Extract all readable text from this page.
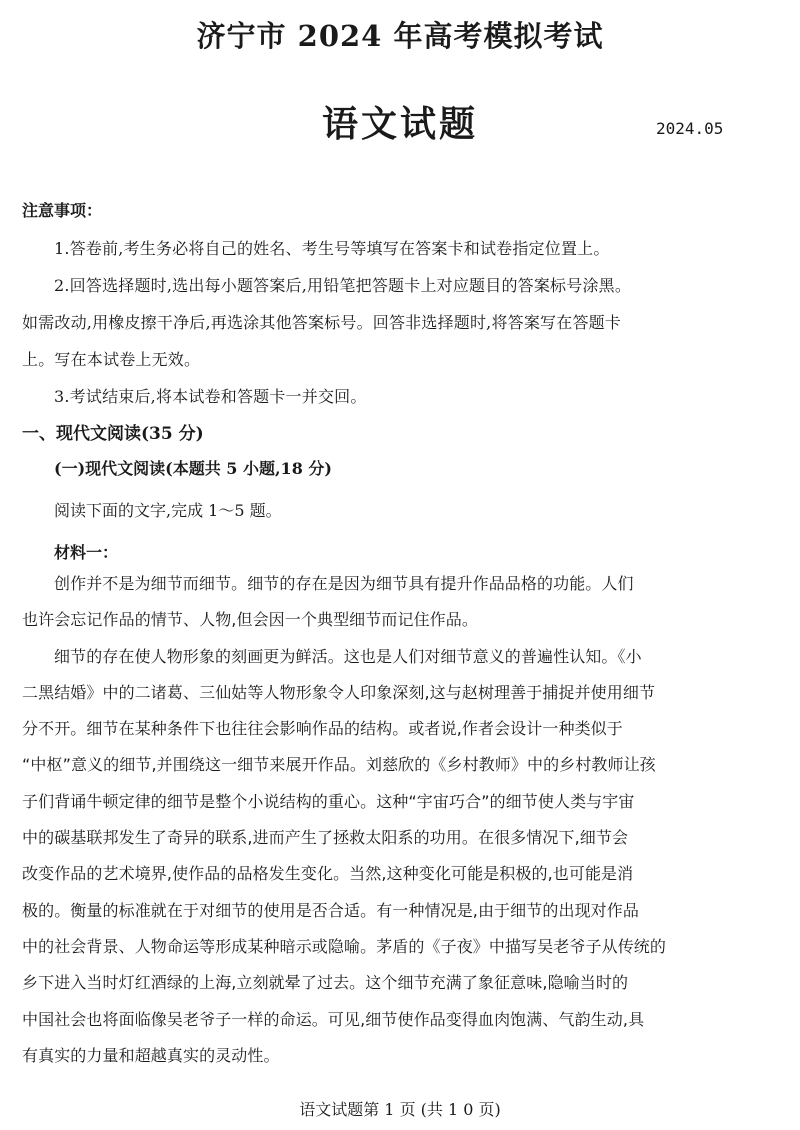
济宁市 2024 年高考模拟考试
语文试题	2024.05
注意事项：
1.答卷前,考生务必将自己的姓名、考生号等填写在答案卡和试卷指定位置上。
2.回答选择题时,选出每小题答案后,用铅笔把答题卡上对应题目的答案标号涂黑。
如需改动,用橡皮擦干净后,再选涂其他答案标号。回答非选择题时,将答案写在答题卡
上。写在本试卷上无效。
3.考试结束后,将本试卷和答题卡一并交回。
一、现代文阅读(35 分)
(一)现代文阅读(本题共 5 小题,18 分)
阅读下面的文字,完成 1～5 题。
材料一：
创作并不是为细节而细节。细节的存在是因为细节具有提升作品品格的功能。人们
也许会忘记作品的情节、人物,但会因一个典型细节而记住作品。
细节的存在使人物形象的刻画更为鲜活。这也是人们对细节意义的普遍性认知。《小
二黑结婚》中的二诸葛、三仙姑等人物形象令人印象深刻,这与赵树理善于捕捉并使用细节
分不开。细节在某种条件下也往往会影响作品的结构。或者说,作者会设计一种类似于
“中枢”意义的细节,并围绕这一细节来展开作品。刘慈欣的《乡村教师》中的乡村教师让孩
子们背诵牛顿定律的细节是整个小说结构的重心。这种“宇宙巧合”的细节使人类与宇宙
中的碳基联邦发生了奇异的联系,进而产生了拯救太阳系的功用。在很多情况下,细节会
改变作品的艺术境界,使作品的品格发生变化。当然,这种变化可能是积极的,也可能是消
极的。衡量的标准就在于对细节的使用是否合适。有一种情况是,由于细节的出现对作品
中的社会背景、人物命运等形成某种暗示或隐喻。茅盾的《子夜》中描写吴老爷子从传统的
乡下进入当时灯红酒绿的上海,立刻就晕了过去。这个细节充满了象征意味,隐喻当时的
中国社会也将面临像吴老爷子一样的命运。可见,细节使作品变得血肉饱满、气韵生动,具
有真实的力量和超越真实的灵动性。
语文试题第 1 页 (共 1 0 页)
